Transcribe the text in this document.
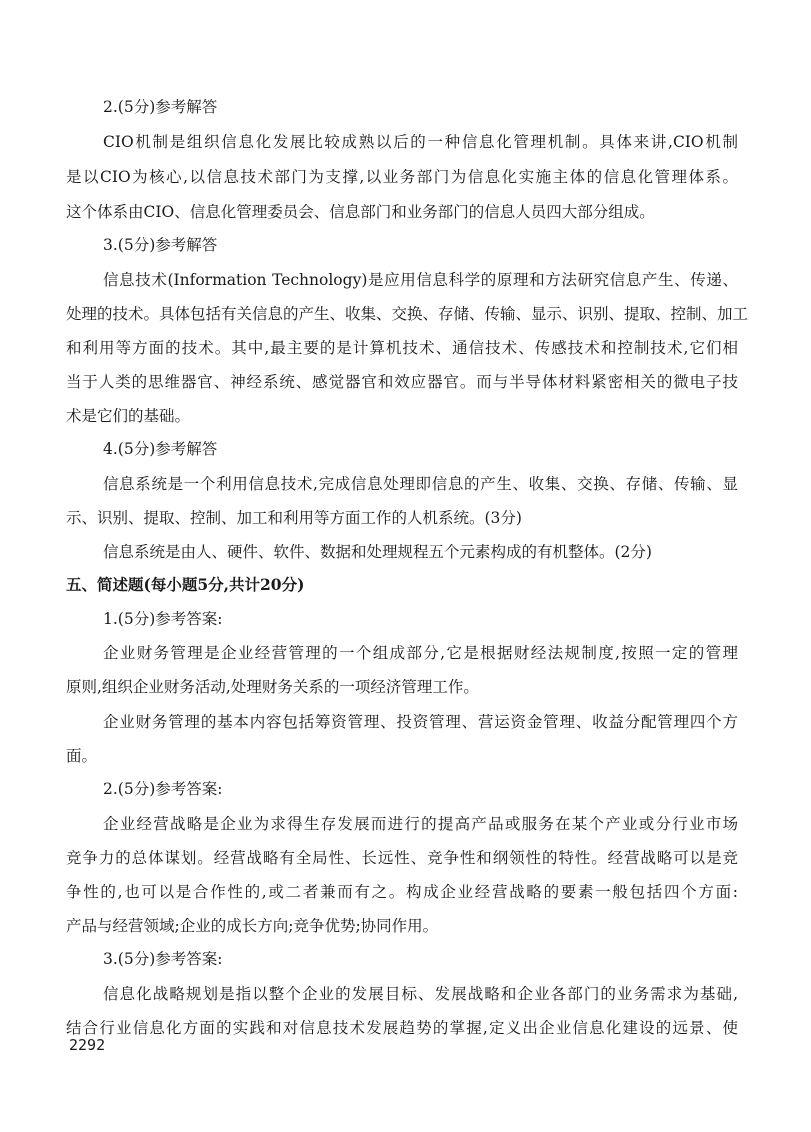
2.(5分)参考解答
CIO机制是组织信息化发展比较成熟以后的一种信息化管理机制。具体来讲,CIO机制
是以CIO为核心,以信息技术部门为支撑,以业务部门为信息化实施主体的信息化管理体系。
这个体系由CIO、信息化管理委员会、信息部门和业务部门的信息人员四大部分组成。
3.(5分)参考解答
信息技术(Information Technology)是应用信息科学的原理和方法研究信息产生、传递、
处理的技术。具体包括有关信息的产生、收集、交换、存储、传输、显示、识别、提取、控制、加工
和利用等方面的技术。其中,最主要的是计算机技术、通信技术、传感技术和控制技术,它们相
当于人类的思维器官、神经系统、感觉器官和效应器官。而与半导体材料紧密相关的微电子技
术是它们的基础。
4.(5分)参考解答
信息系统是一个利用信息技术,完成信息处理即信息的产生、收集、交换、存储、传输、显
示、识别、提取、控制、加工和利用等方面工作的人机系统。(3分)
信息系统是由人、硬件、软件、数据和处理规程五个元素构成的有机整体。(2分)
五、简述题(每小题5分,共计20分)
1.(5分)参考答案:
企业财务管理是企业经营管理的一个组成部分,它是根据财经法规制度,按照一定的管理
原则,组织企业财务活动,处理财务关系的一项经济管理工作。
企业财务管理的基本内容包括筹资管理、投资管理、营运资金管理、收益分配管理四个方
面。
2.(5分)参考答案:
企业经营战略是企业为求得生存发展而进行的提高产品或服务在某个产业或分行业市场
竞争力的总体谋划。经营战略有全局性、长远性、竞争性和纲领性的特性。经营战略可以是竞
争性的,也可以是合作性的,或二者兼而有之。构成企业经营战略的要素一般包括四个方面:
产品与经营领域;企业的成长方向;竞争优势;协同作用。
3.(5分)参考答案:
信息化战略规划是指以整个企业的发展目标、发展战略和企业各部门的业务需求为基础,
结合行业信息化方面的实践和对信息技术发展趋势的掌握,定义出企业信息化建设的远景、使
2292
